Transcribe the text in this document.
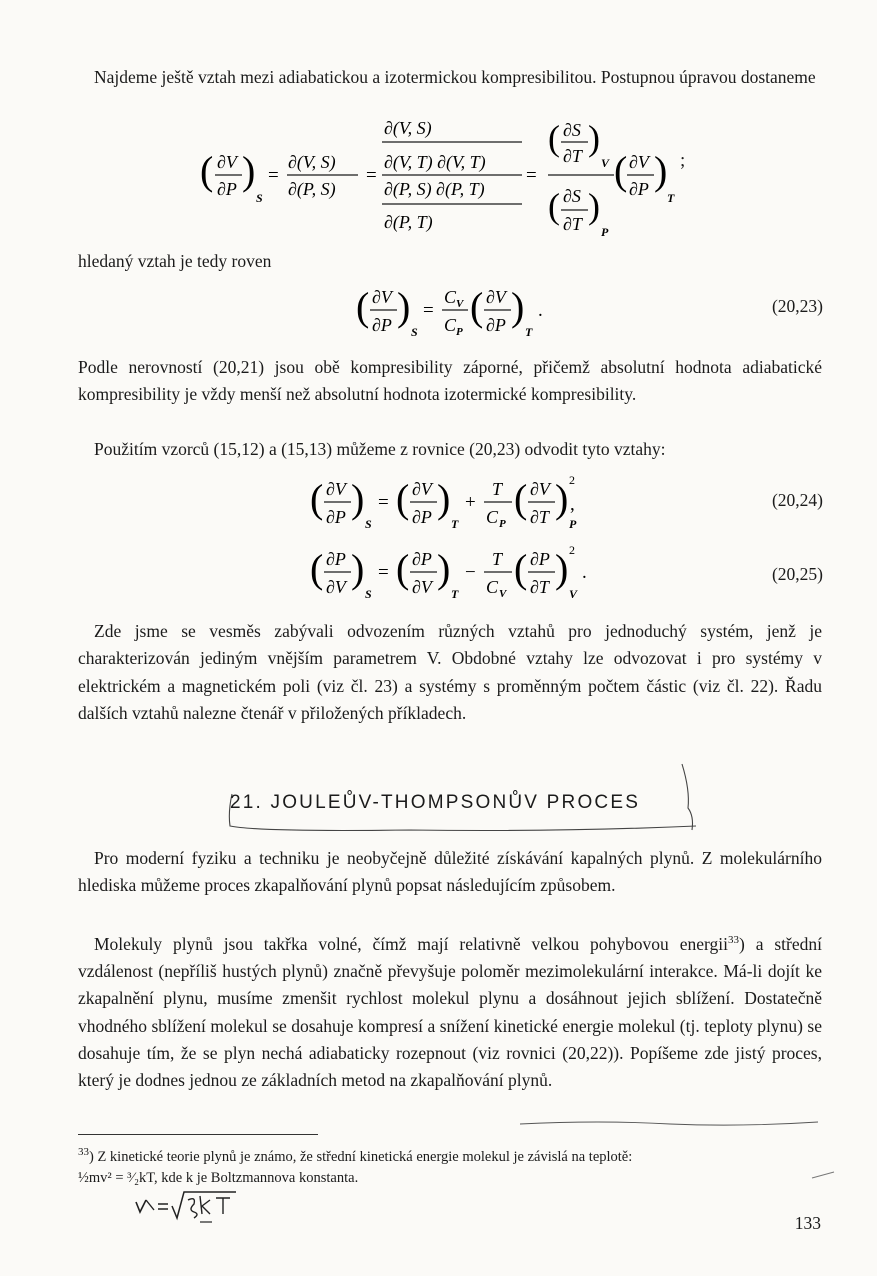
Najdeme ještě vztah mezi adiabatickou a izotermickou kompresibilitou. Postupnou úpravou dostaneme

( ∂V
∂P )
S
=
∂(V, S)
∂(P, S)
=
∂(V, S)
∂(V, T) ∂(V, T)
∂(P, S) ∂(P, T)
∂(P, T)
=
( ∂S
∂T )
V
( ∂S
∂T )
P
( ∂V
∂P )
T
;

hledaný vztah je tedy roven

( ∂V
∂P )
S
=
C V
C P
( ∂V
∂P )
T
.	(20,23)

Podle nerovností (20,21) jsou obě kompresibility záporné, přičemž absolutní hodnota adiabatické kompresibility je vždy menší než absolutní hodnota izotermické kompresibility.

Použitím vzorců (15,12) a (15,13) můžeme z rovnice (20,23) odvodit tyto vztahy:

( ∂V
∂P )
S
= ( ∂V
∂P )
T
+
T
C P
( ∂V
∂T ) 2
P
,	(20,24)
( ∂P
∂V )
S
= ( ∂P
∂V )
T
−
T
C V
( ∂P
∂T ) 2
V
.	(20,25)

Zde jsme se vesměs zabývali odvozením různých vztahů pro jednoduchý systém, jenž je charakterizován jediným vnějším parametrem V. Obdobné vztahy lze odvozovat i pro systémy v elektrickém a magnetickém poli (viz čl. 23) a systémy s proměnným počtem částic (viz čl. 22). Řadu dalších vztahů nalezne čtenář v přiložených příkladech.

21. JOULEŮV-THOMPSONŮV PROCES

Pro moderní fyziku a techniku je neobyčejně důležité získávání kapalných plynů. Z molekulárního hlediska můžeme proces zkapalňování plynů popsat následujícím způsobem.

Molekuly plynů jsou takřka volné, čímž mají relativně velkou pohybovou energii$^{33}$) a střední vzdálenost (nepříliš hustých plynů) značně převyšuje poloměr mezimolekulární interakce. Má-li dojít ke zkapalnění plynu, musíme zmenšit rychlost molekul plynu a dosáhnout jejich sblížení. Dostatečně vhodného sblížení molekul se dosahuje kompresí a snížení kinetické energie molekul (tj. teploty plynu) se dosahuje tím, že se plyn nechá adiabaticky rozepnout (viz rovnici (20,22)). Popíšeme zde jistý proces, který je dodnes jednou ze základních metod na zkapalňování plynů.

$^{33}$) Z kinetické teorie plynů je známo, že střední kinetická energie molekul je závislá na teplotě:
½mv² = ³⁄₂kT, kde k je Boltzmannova konstanta.

133
